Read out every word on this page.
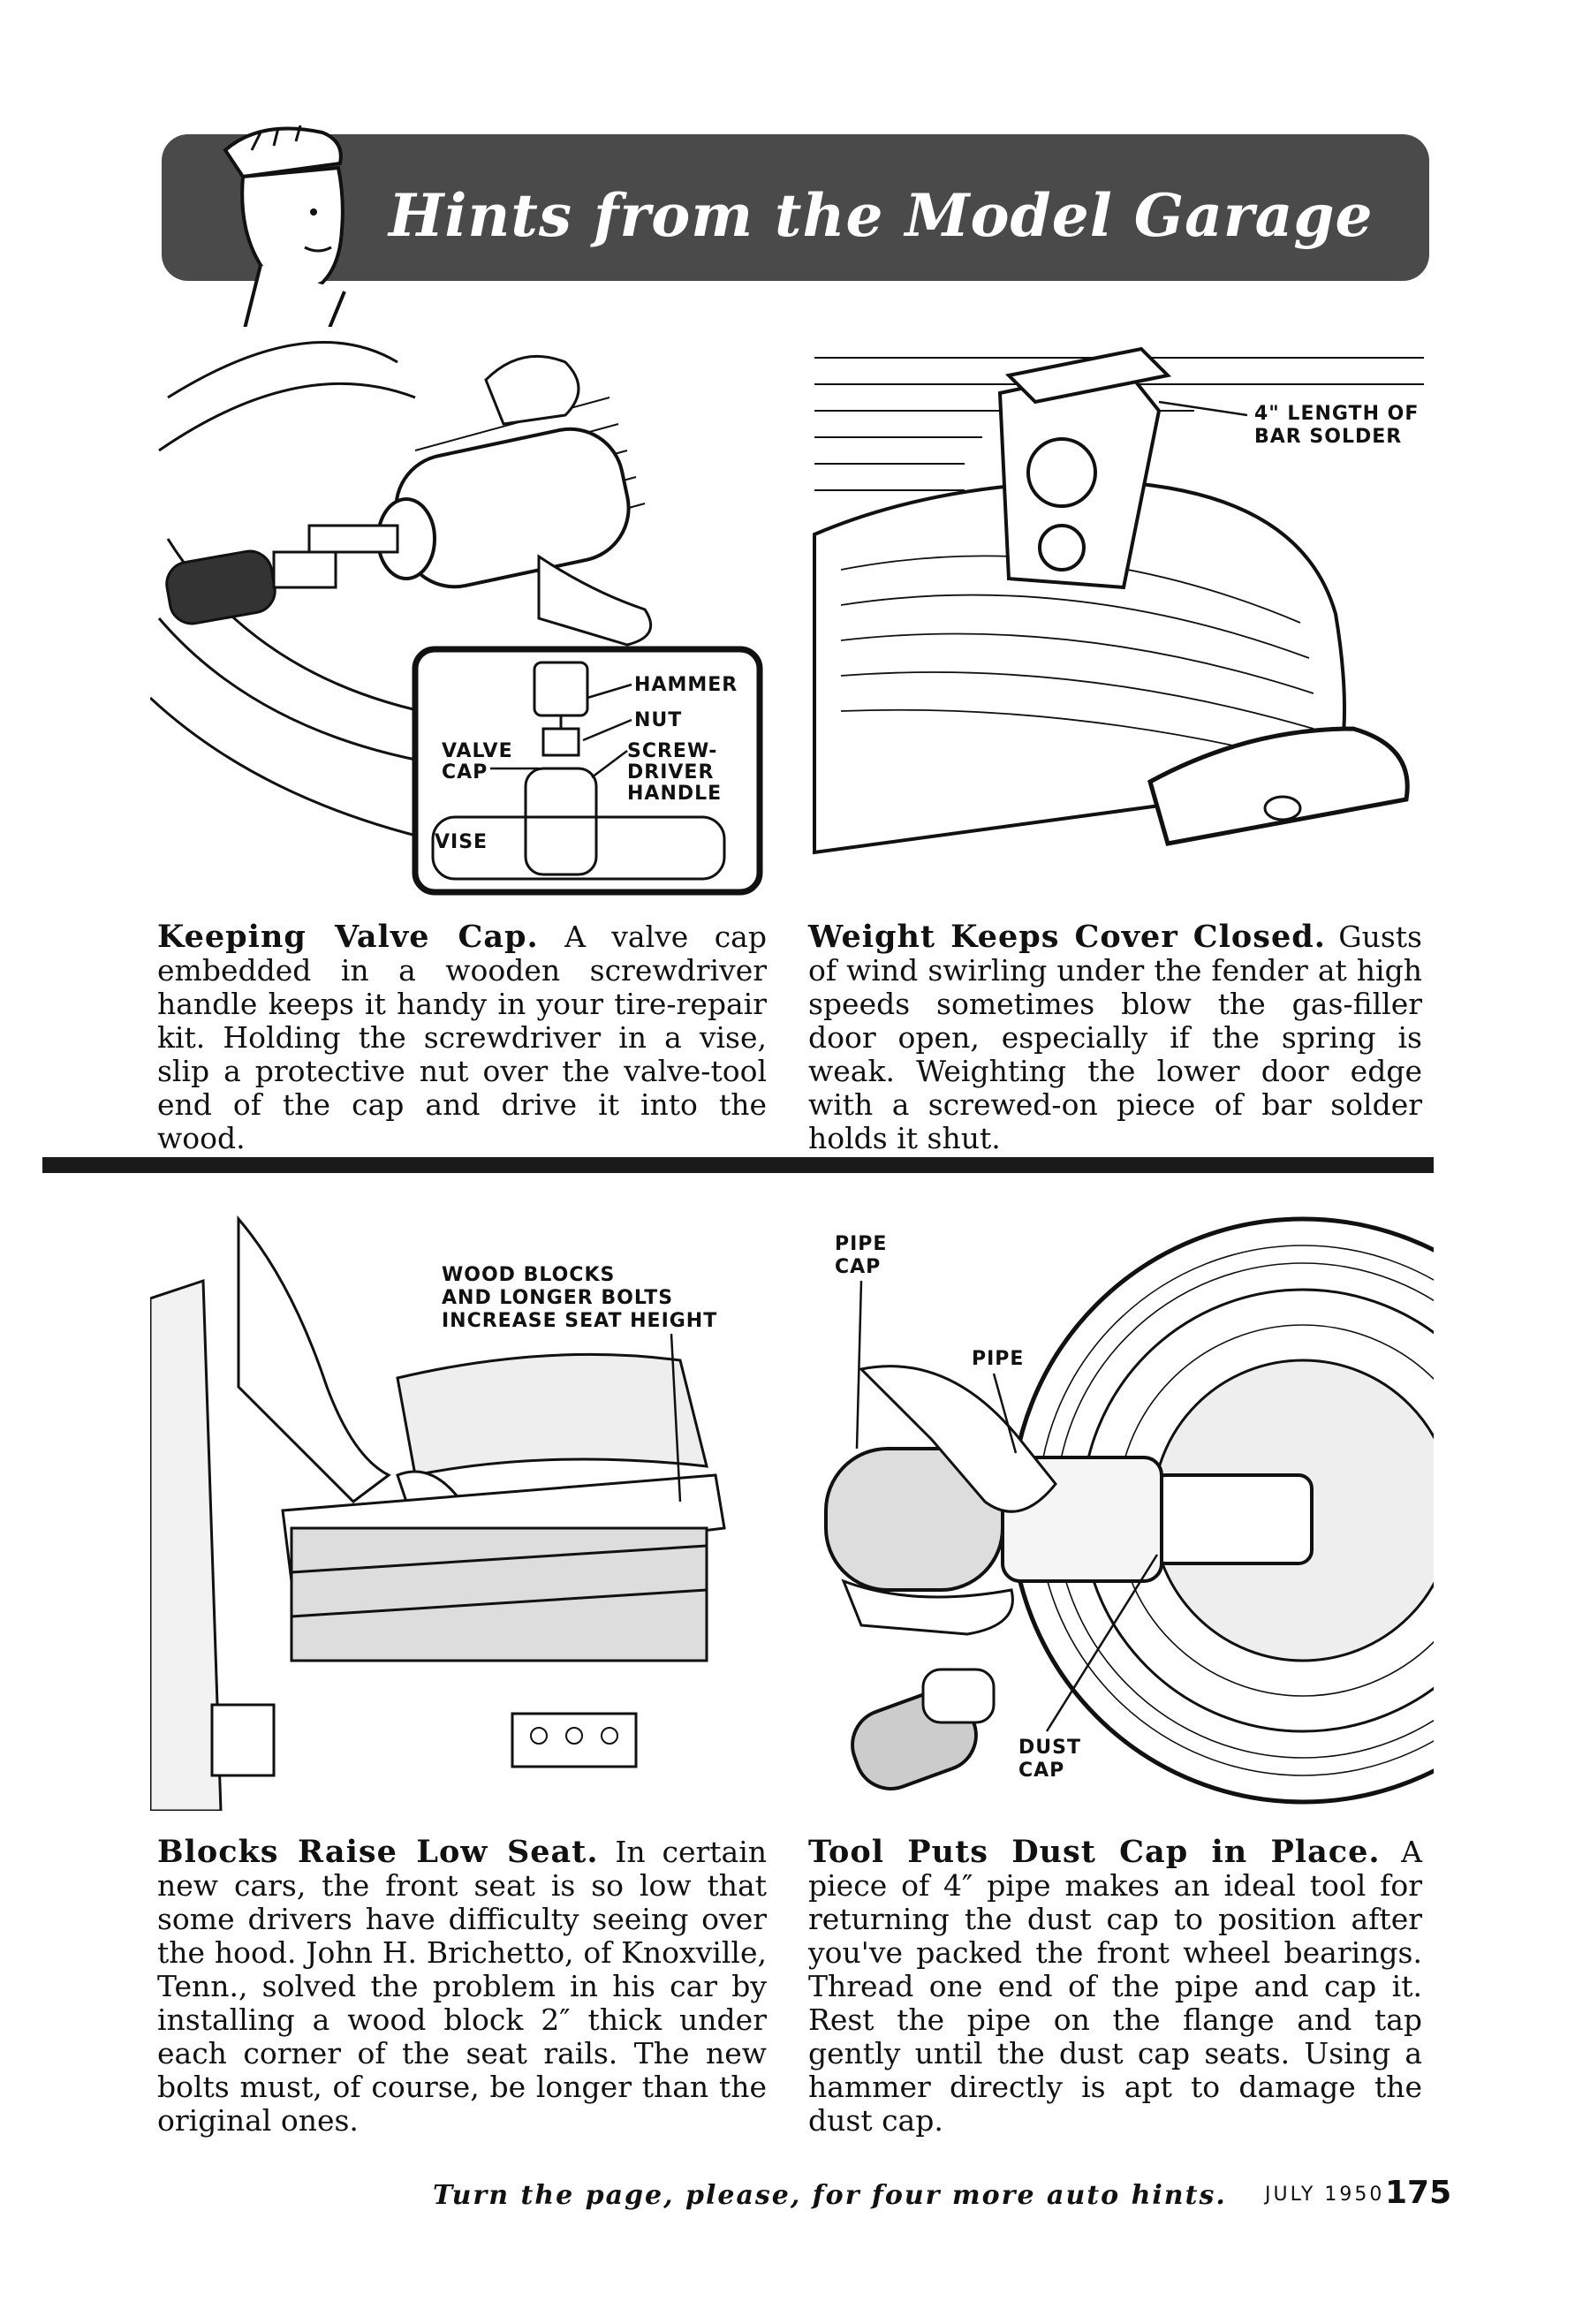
Hints from the Model Garage
HAMMER
NUT
VALVE CAP
SCREW-DRIVER HANDLE
VISE
4" LENGTH OF BAR SOLDER
Keeping Valve Cap. A valve cap embedded in a wooden screwdriver handle keeps it handy in your tire-repair kit. Holding the screwdriver in a vise, slip a protective nut over the valve-tool end of the cap and drive it into the wood.
Weight Keeps Cover Closed. Gusts of wind swirling under the fender at high speeds sometimes blow the gas-filler door open, especially if the spring is weak. Weighting the lower door edge with a screwed-on piece of bar solder holds it shut.
WOOD BLOCKS AND LONGER BOLTS INCREASE SEAT HEIGHT
PIPE CAP
PIPE
DUST CAP
Blocks Raise Low Seat. In certain new cars, the front seat is so low that some drivers have difficulty seeing over the hood. John H. Brichetto, of Knoxville, Tenn., solved the problem in his car by installing a wood block 2″ thick under each corner of the seat rails. The new bolts must, of course, be longer than the original ones.
Tool Puts Dust Cap in Place. A piece of 4″ pipe makes an ideal tool for returning the dust cap to position after you've packed the front wheel bearings. Thread one end of the pipe and cap it. Rest the pipe on the flange and tap gently until the dust cap seats. Using a hammer directly is apt to damage the dust cap.
Turn the page, please, for four more auto hints. JULY 1950 175
